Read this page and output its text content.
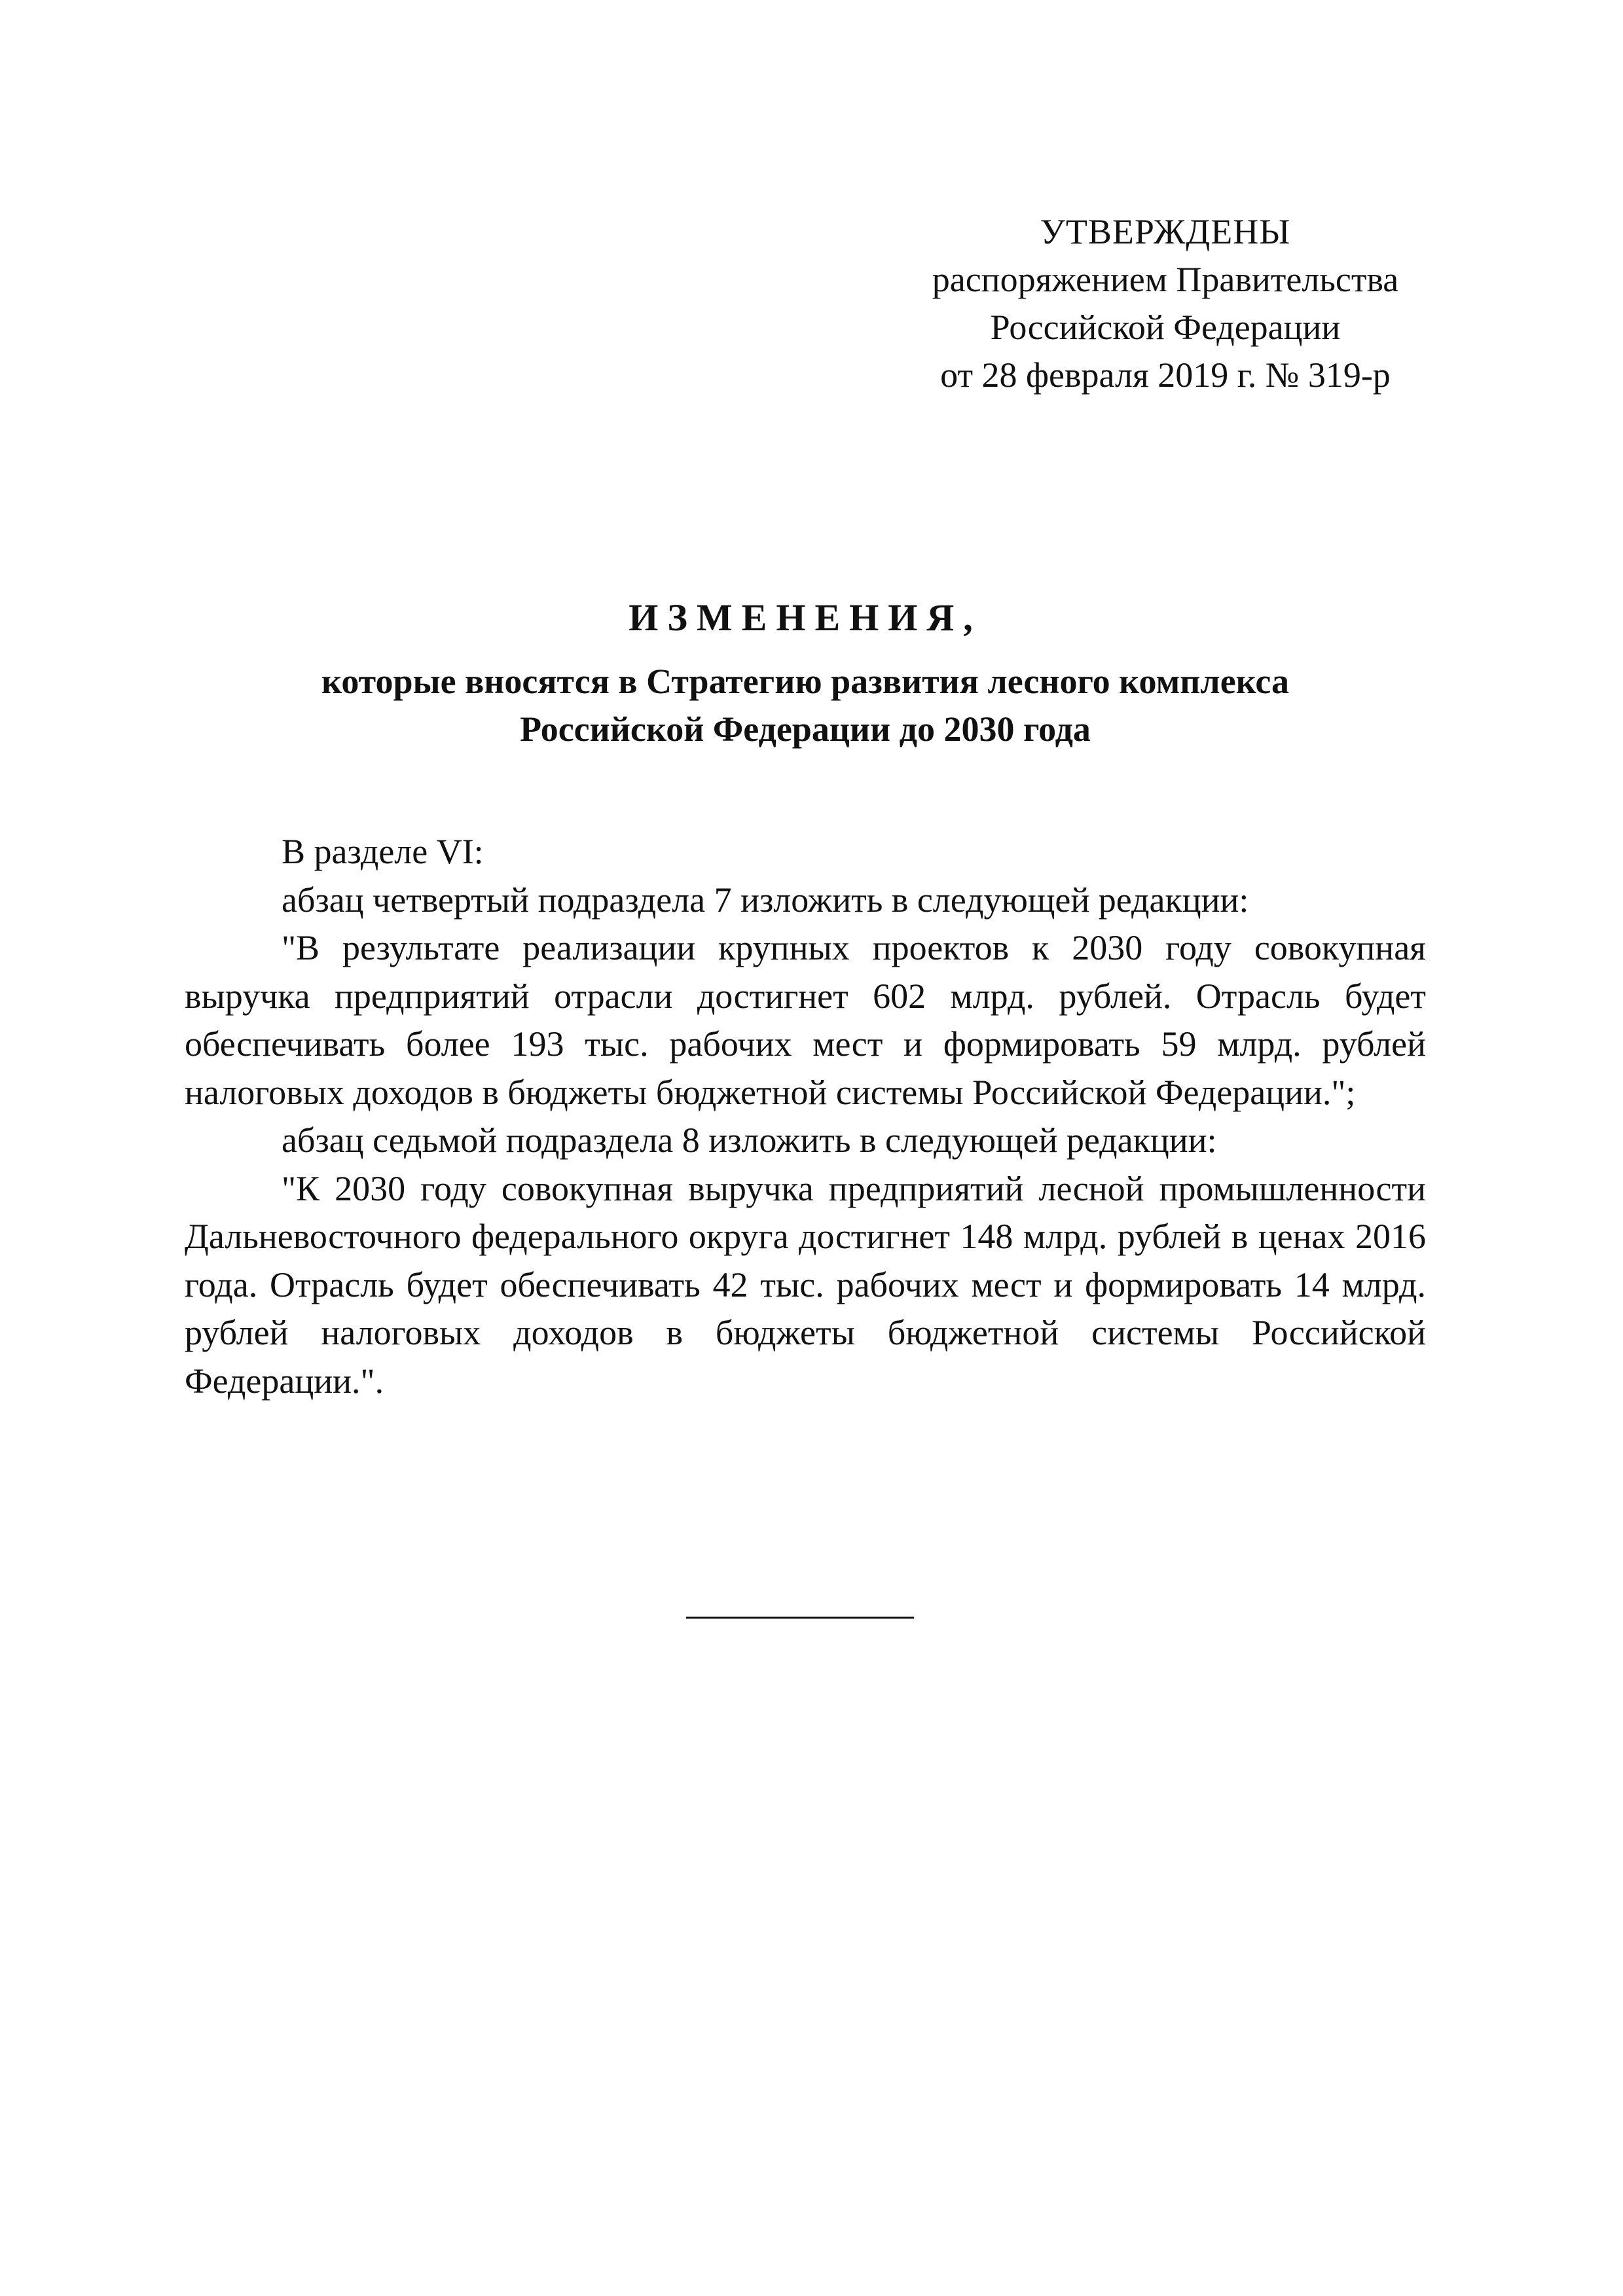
УТВЕРЖДЕНЫ
распоряжением Правительства
Российской Федерации
от 28 февраля 2019 г. № 319-р
ИЗМЕНЕНИЯ,
которые вносятся в Стратегию развития лесного комплекса
Российской Федерации до 2030 года

В разделе VI:

абзац четвертый подраздела 7 изложить в следующей редакции:

"В результате реализации крупных проектов к 2030 году совокупная выручка предприятий отрасли достигнет 602 млрд. рублей. Отрасль будет обеспечивать более 193 тыс. рабочих мест и формировать 59 млрд. рублей налоговых доходов в бюджеты бюджетной системы Российской Федерации.";

абзац седьмой подраздела 8 изложить в следующей редакции:

"К 2030 году совокупная выручка предприятий лесной промышленности Дальневосточного федерального округа достигнет 148 млрд. рублей в ценах 2016 года. Отрасль будет обеспечивать 42 тыс. рабочих мест и формировать 14 млрд. рублей налоговых доходов в бюджеты бюджетной системы Российской Федерации.".
